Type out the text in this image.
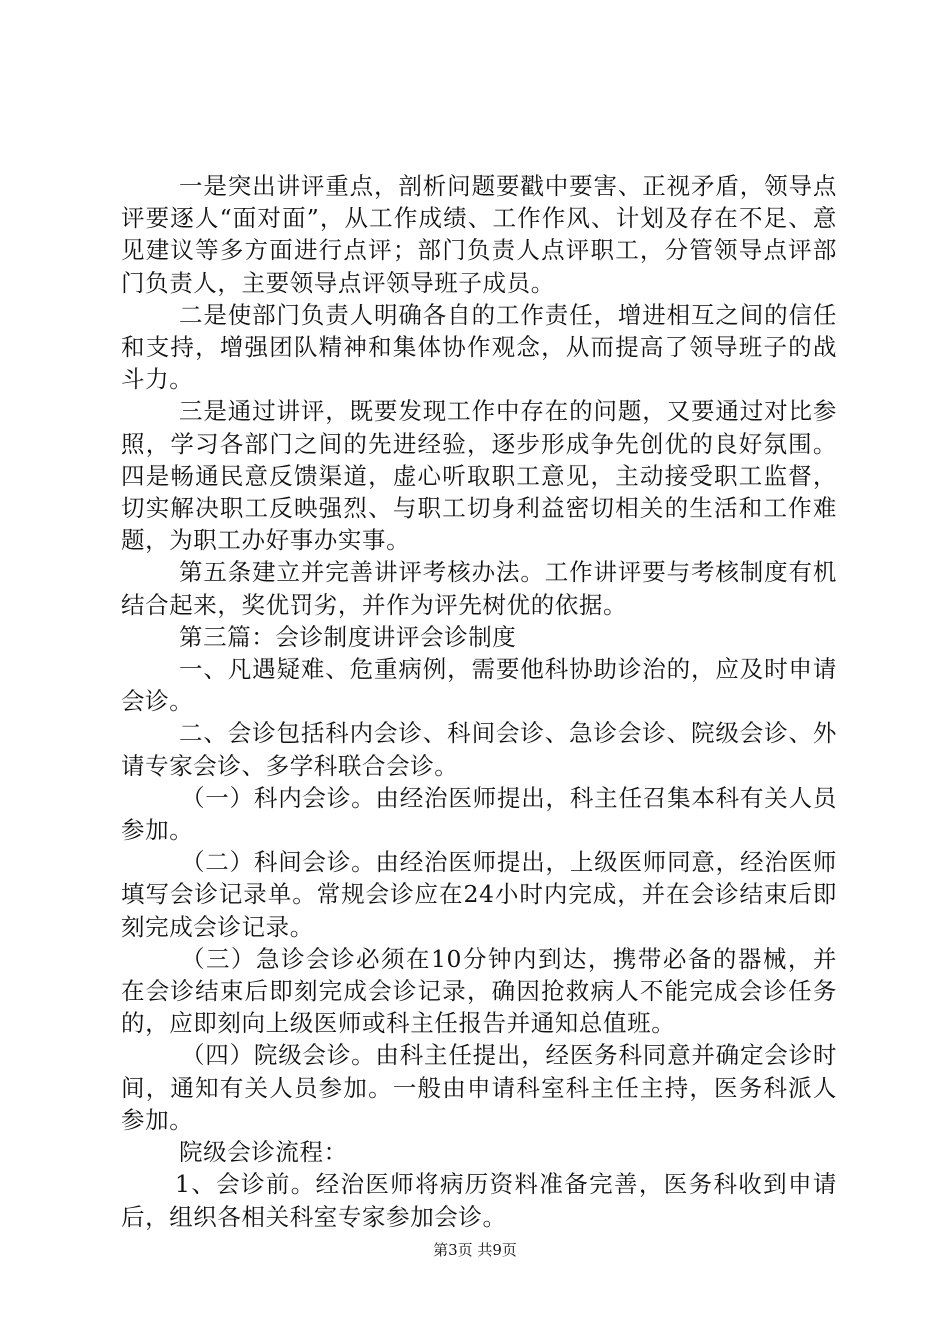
一是突出讲评重点，剖析问题要戳中要害、正视矛盾，领导点评要逐人“面对面”，从工作成绩、工作作风、计划及存在不足、意见建议等多方面进行点评；部门负责人点评职工，分管领导点评部门负责人，主要领导点评领导班子成员。

二是使部门负责人明确各自的工作责任，增进相互之间的信任和支持，增强团队精神和集体协作观念，从而提高了领导班子的战斗力。

三是通过讲评，既要发现工作中存在的问题，又要通过对比参照，学习各部门之间的先进经验，逐步形成争先创优的良好氛围。四是畅通民意反馈渠道，虚心听取职工意见，主动接受职工监督，切实解决职工反映强烈、与职工切身利益密切相关的生活和工作难题，为职工办好事办实事。

第五条建立并完善讲评考核办法。工作讲评要与考核制度有机结合起来，奖优罚劣，并作为评先树优的依据。

第三篇：会诊制度讲评会诊制度

一、凡遇疑难、危重病例，需要他科协助诊治的，应及时申请会诊。

二、会诊包括科内会诊、科间会诊、急诊会诊、院级会诊、外请专家会诊、多学科联合会诊。

（一）科内会诊。由经治医师提出，科主任召集本科有关人员参加。

（二）科间会诊。由经治医师提出，上级医师同意，经治医师填写会诊记录单。常规会诊应在24小时内完成，并在会诊结束后即刻完成会诊记录。

（三）急诊会诊必须在10分钟内到达，携带必备的器械，并在会诊结束后即刻完成会诊记录，确因抢救病人不能完成会诊任务的，应即刻向上级医师或科主任报告并通知总值班。

（四）院级会诊。由科主任提出，经医务科同意并确定会诊时间，通知有关人员参加。一般由申请科室科主任主持，医务科派人参加。

院级会诊流程：

1、会诊前。经治医师将病历资料准备完善，医务科收到申请后，组织各相关科室专家参加会诊。

第3页 共9页
